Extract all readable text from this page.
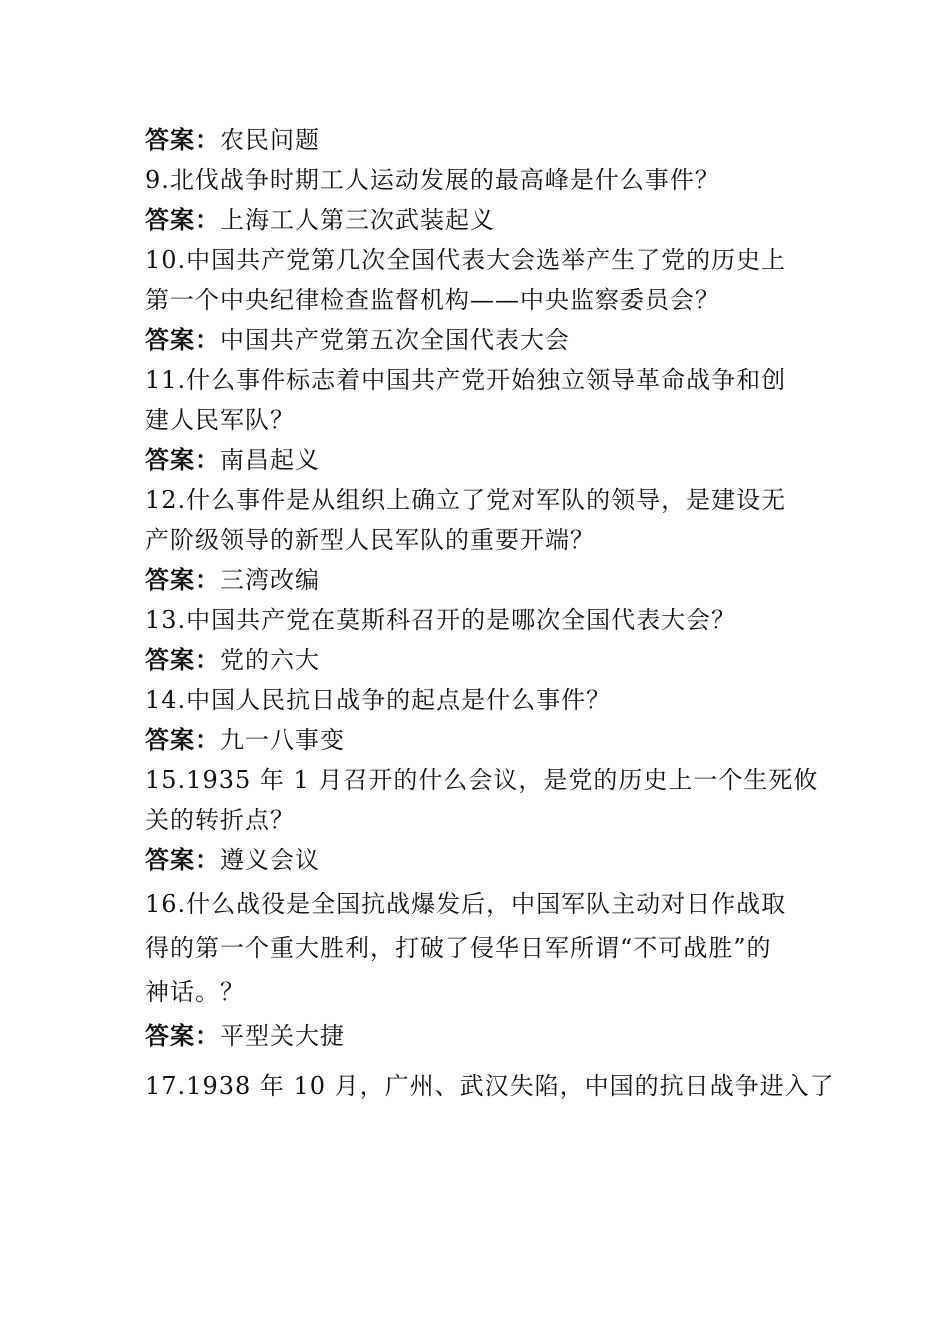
答案：农民问题
9.北伐战争时期工人运动发展的最高峰是什么事件？
答案：上海工人第三次武装起义
10.中国共产党第几次全国代表大会选举产生了党的历史上
第一个中央纪律检查监督机构——中央监察委员会？
答案：中国共产党第五次全国代表大会
11.什么事件标志着中国共产党开始独立领导革命战争和创
建人民军队？
答案：南昌起义
12.什么事件是从组织上确立了党对军队的领导，是建设无
产阶级领导的新型人民军队的重要开端？
答案：三湾改编
13.中国共产党在莫斯科召开的是哪次全国代表大会？
答案：党的六大
14.中国人民抗日战争的起点是什么事件？
答案：九一八事变
15.1935 年 1 月召开的什么会议，是党的历史上一个生死攸
关的转折点？
答案：遵义会议
16.什么战役是全国抗战爆发后，中国军队主动对日作战取
得的第一个重大胜利，打破了侵华日军所谓“不可战胜”的
神话。？
答案：平型关大捷
17.1938 年 10 月，广州、武汉失陷，中国的抗日战争进入了
